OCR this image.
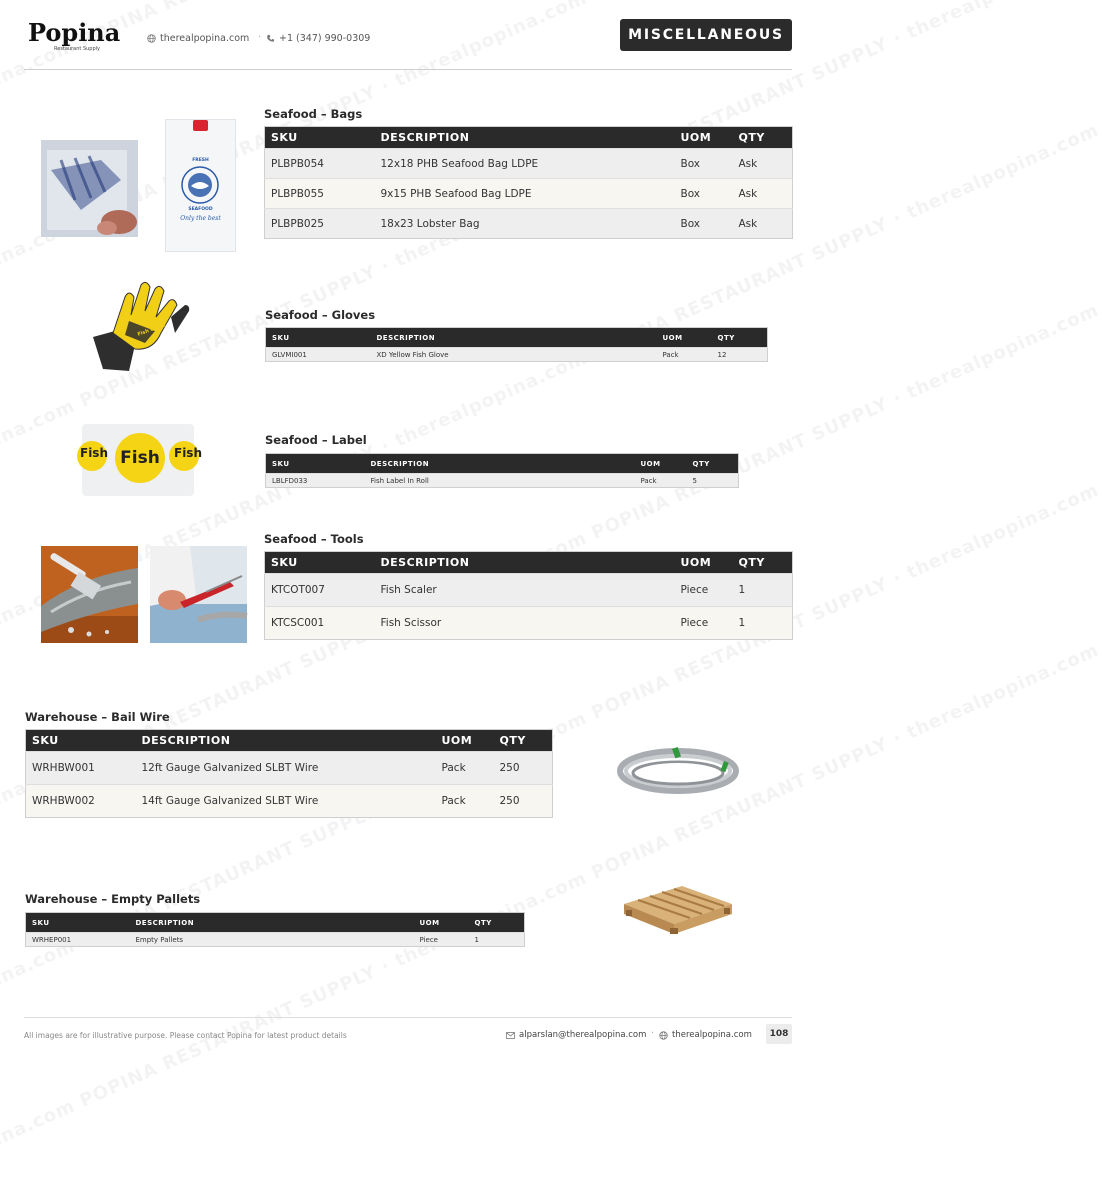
Popina
Restaurant Supply
therealpopina.com · +1 (347) 990-0309	MISCELLANEOUS
FRESH
SEAFOOD
Only the best
Seafood – Bags
SKU	DESCRIPTION	UOM	QTY
PLBPB054	12x18 PHB Seafood Bag LDPE	Box	Ask
PLBPB055	9x15 PHB Seafood Bag LDPE	Box	Ask
PLBPB025	18x23 Lobster Bag	Box	Ask
Fish Glove
Seafood – Gloves
SKU	DESCRIPTION	UOM	QTY
GLVMI001	XD Yellow Fish Glove	Pack	12
Fish Fish	Fish
Seafood – Label
SKU	DESCRIPTION	UOM	QTY
LBLFD033	Fish Label In Roll	Pack	5
Seafood – Tools
SKU	DESCRIPTION	UOM	QTY
KTCOT007	Fish Scaler	Piece	1
KTCSC001	Fish Scissor	Piece	1
Warehouse – Bail Wire
SKU	DESCRIPTION	UOM	QTY
WRHBW001	12ft Gauge Galvanized SLBT Wire	Pack	250
WRHBW002	14ft Gauge Galvanized SLBT Wire	Pack	250
Warehouse – Empty Pallets
SKU	DESCRIPTION	UOM	QTY
WRHEP001	Empty Pallets	Piece	1
All images are for illustrative purpose. Please contact Popina for latest product details	alparslan@therealpopina.com · therealpopina.com	108
